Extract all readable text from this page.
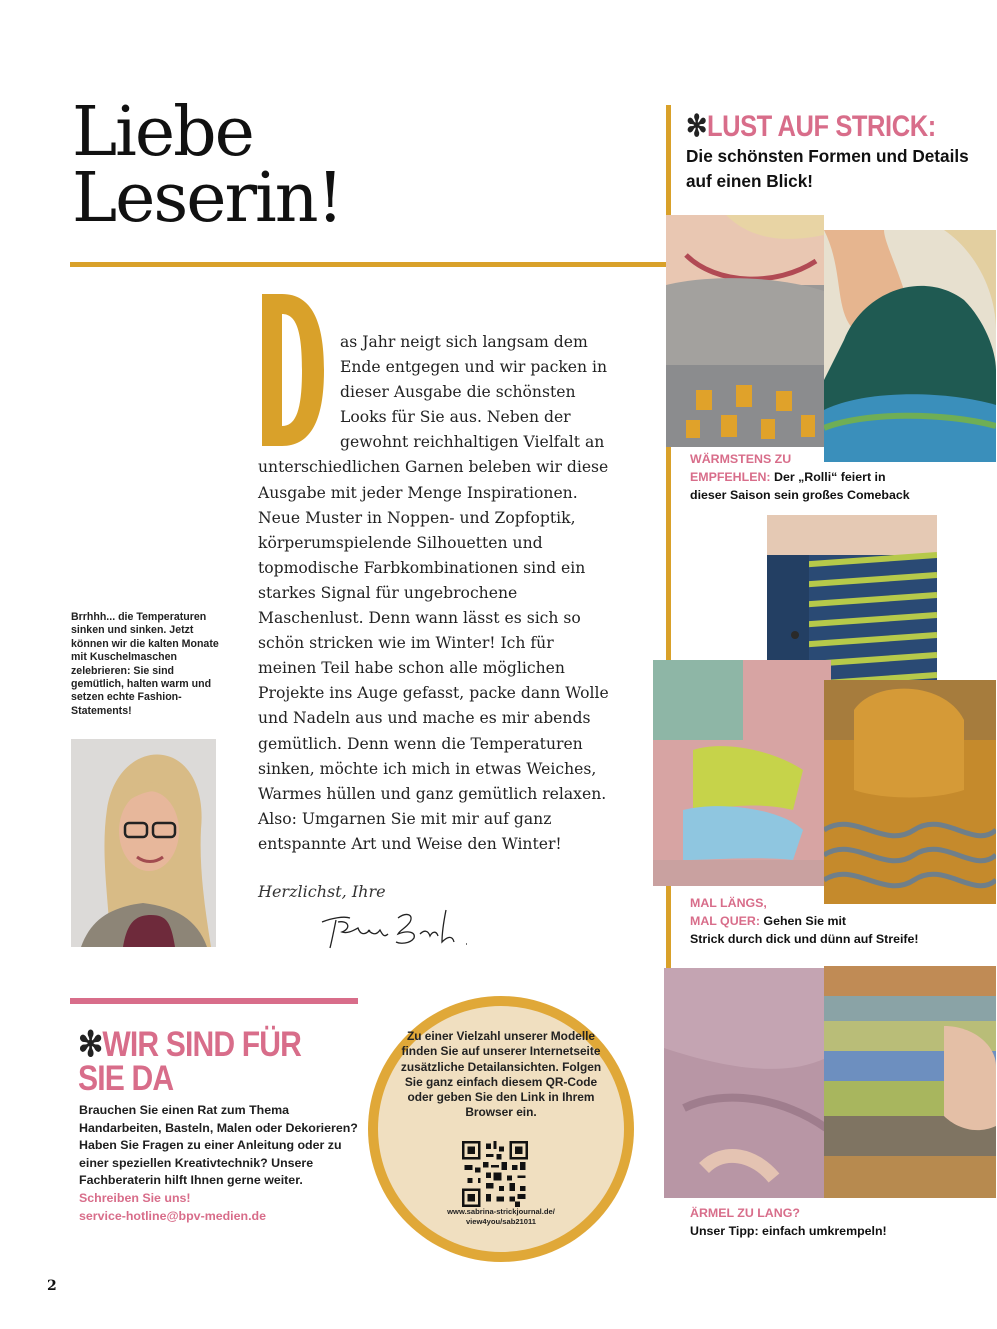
Liebe
Leserin!
as Jahr neigt sich langsam dem Ende entgegen und wir packen in dieser Ausgabe die schönsten Looks für Sie aus. Neben der gewohnt reichhaltigen Vielfalt an unterschiedlichen Garnen beleben wir diese Ausgabe mit jeder Menge Inspirationen. Neue Muster in Noppen- und Zopfoptik, körperumspielende Silhouetten und topmodische Farbkombinationen sind ein starkes Signal für ungebrochene Maschenlust. Denn wann lässt es sich so schön stricken wie im Winter! Ich für meinen Teil habe schon alle möglichen Projekte ins Auge gefasst, packe dann Wolle und Nadeln aus und mache es mir abends gemütlich. Denn wenn die Temperaturen sinken, möchte ich mich in etwas Weiches, Warmes hüllen und ganz gemütlich relaxen. Also: Umgarnen Sie mit mir auf ganz entspannte Art und Weise den Winter!
Herzlichst, Ihre
Brrhhh... die Temperaturen sinken und sinken. Jetzt können wir die kalten Monate mit Kuschelmaschen zelebrieren: Sie sind gemütlich, halten warm und setzen echte Fashion-Statements!
✻WIR SIND FÜR
SIE DA
Brauchen Sie einen Rat zum Thema Handarbeiten, Basteln, Malen oder Dekorieren? Haben Sie Fragen zu einer Anleitung oder zu einer speziellen Kreativtechnik? Unsere Fachberaterin hilft Ihnen gerne weiter.
Schreiben Sie uns!
service-hotline@bpv-medien.de
Zu einer Vielzahl unserer Modelle finden Sie auf unserer Internetseite zusätzliche Detailansichten. Folgen Sie ganz einfach diesem QR-Code oder geben Sie den Link in Ihrem Browser ein.
www.sabrina-strickjournal.de/
view4you/sab21011
✻LUST AUF STRICK:
Die schönsten Formen und Details auf einen Blick!
WÄRMSTENS ZU
EMPFEHLEN: Der „Rolli“ feiert in
dieser Saison sein großes Comeback
MAL LÄNGS,
MAL QUER: Gehen Sie mit
Strick durch dick und dünn auf Streife!
ÄRMEL ZU LANG?
Unser Tipp: einfach umkrempeln!
2
